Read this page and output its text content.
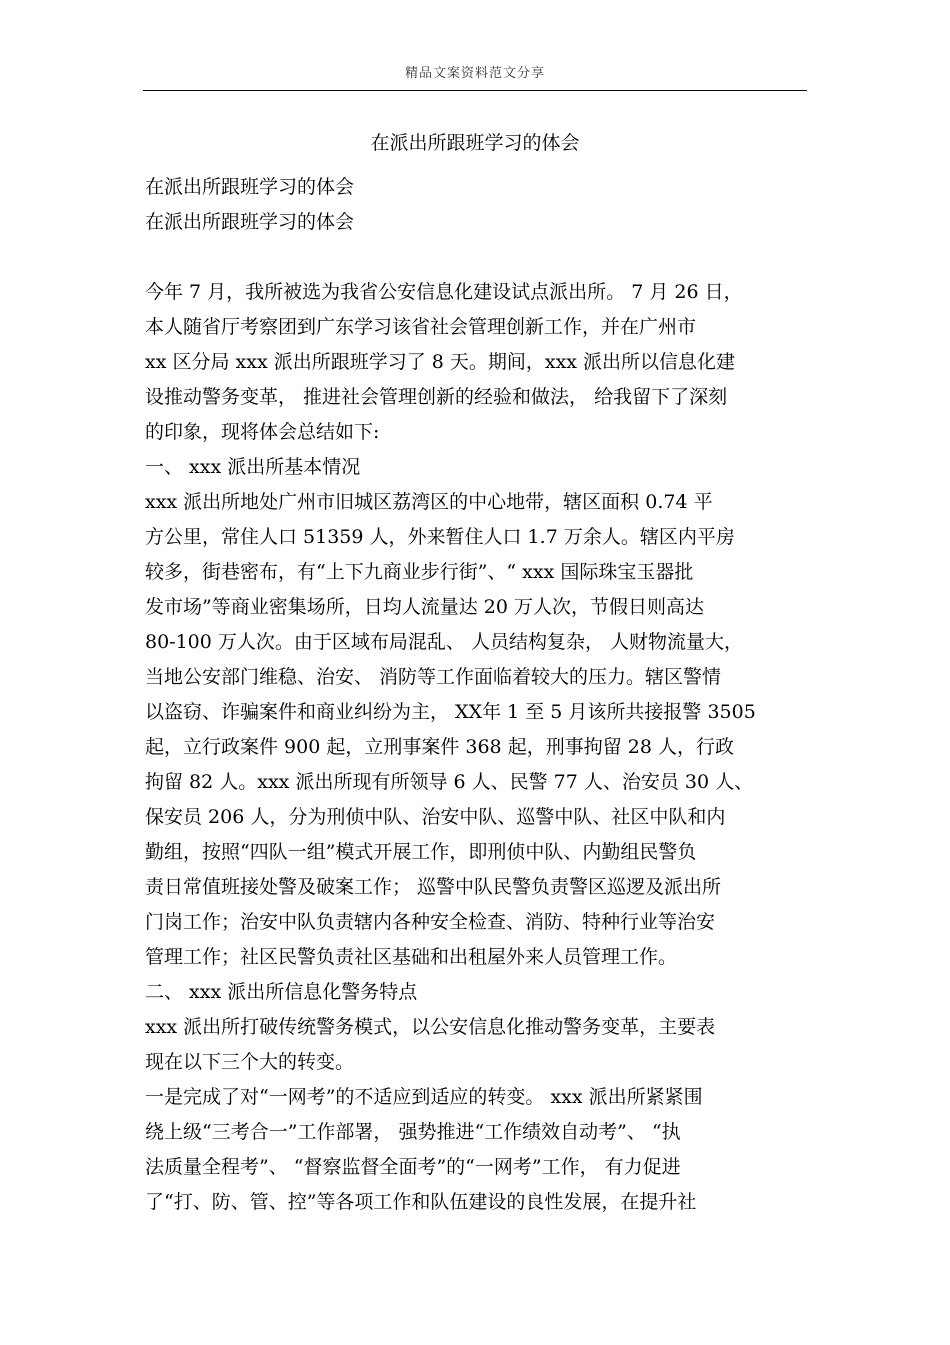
精品文案资料范文分享
在派出所跟班学习的体会
在派出所跟班学习的体会
在派出所跟班学习的体会
今年 7 月，我所被选为我省公安信息化建设试点派出所。 7 月 26 日，
本人随省厅考察团到广东学习该省社会管理创新工作，并在广州市
xx 区分局 xxx 派出所跟班学习了 8 天。期间，xxx 派出所以信息化建
设推动警务变革， 推进社会管理创新的经验和做法， 给我留下了深刻
的印象，现将体会总结如下:
一、 xxx 派出所基本情况
xxx 派出所地处广州市旧城区荔湾区的中心地带，辖区面积 0.74 平
方公里，常住人口 51359 人，外来暂住人口 1.7 万余人。辖区内平房
较多，街巷密布，有“上下九商业步行街”、“ xxx 国际珠宝玉器批
发市场”等商业密集场所，日均人流量达 20 万人次，节假日则高达
80-100 万人次。由于区域布局混乱、 人员结构复杂， 人财物流量大，
当地公安部门维稳、治安、 消防等工作面临着较大的压力。辖区警情
以盗窃、诈骗案件和商业纠纷为主， XX年 1 至 5 月该所共接报警 3505
起，立行政案件 900 起，立刑事案件 368 起，刑事拘留 28 人，行政
拘留 82 人。xxx 派出所现有所领导 6 人、民警 77 人、治安员 30 人、
保安员 206 人，分为刑侦中队、治安中队、巡警中队、社区中队和内
勤组，按照“四队一组”模式开展工作，即刑侦中队、内勤组民警负
责日常值班接处警及破案工作； 巡警中队民警负责警区巡逻及派出所
门岗工作；治安中队负责辖内各种安全检查、消防、特种行业等治安
管理工作；社区民警负责社区基础和出租屋外来人员管理工作。
二、 xxx 派出所信息化警务特点
xxx 派出所打破传统警务模式，以公安信息化推动警务变革，主要表
现在以下三个大的转变。
一是完成了对“一网考”的不适应到适应的转变。 xxx 派出所紧紧围
绕上级“三考合一”工作部署， 强势推进“工作绩效自动考”、 “执
法质量全程考”、 “督察监督全面考”的“一网考”工作， 有力促进
了“打、防、管、控”等各项工作和队伍建设的良性发展，在提升社
